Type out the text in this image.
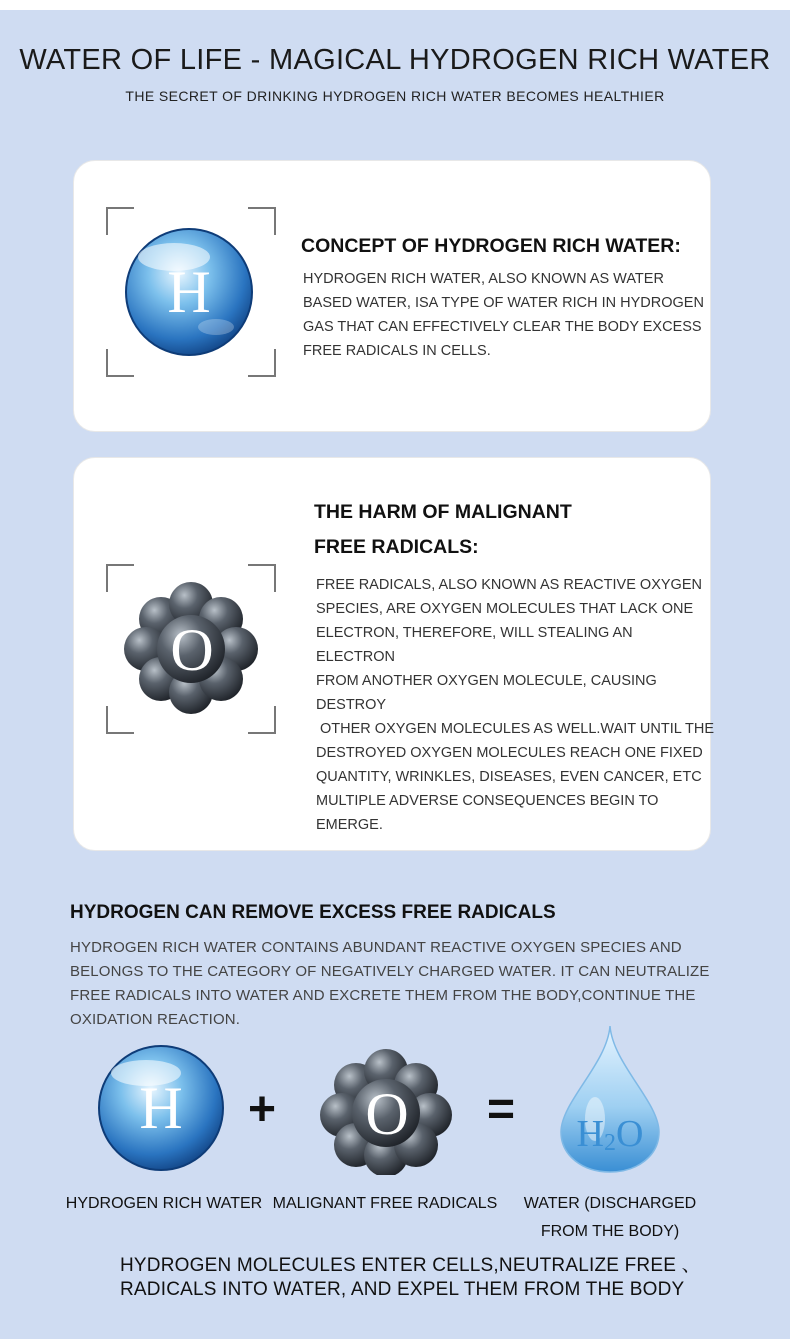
WATER OF LIFE - MAGICAL HYDROGEN RICH WATER
THE SECRET OF DRINKING HYDROGEN RICH WATER BECOMES HEALTHIER
H
CONCEPT OF HYDROGEN RICH WATER:
HYDROGEN RICH WATER, ALSO KNOWN AS WATER
BASED WATER, ISA TYPE OF WATER RICH IN HYDROGEN
GAS THAT CAN EFFECTIVELY CLEAR THE BODY EXCESS
FREE RADICALS IN CELLS.
O
THE HARM OF MALIGNANT
FREE RADICALS:
FREE RADICALS, ALSO KNOWN AS REACTIVE OXYGEN
SPECIES, ARE OXYGEN MOLECULES THAT LACK ONE
ELECTRON, THEREFORE, WILL STEALING AN ELECTRON
FROM ANOTHER OXYGEN MOLECULE, CAUSING DESTROY
OTHER OXYGEN MOLECULES AS WELL.WAIT UNTIL THE
DESTROYED OXYGEN MOLECULES REACH ONE FIXED
QUANTITY, WRINKLES, DISEASES, EVEN CANCER, ETC
MULTIPLE ADVERSE CONSEQUENCES BEGIN TO EMERGE.
HYDROGEN CAN REMOVE EXCESS FREE RADICALS
HYDROGEN RICH WATER CONTAINS ABUNDANT REACTIVE OXYGEN SPECIES AND
BELONGS TO THE CATEGORY OF NEGATIVELY CHARGED WATER. IT CAN NEUTRALIZE
FREE RADICALS INTO WATER AND EXCRETE THEM FROM THE BODY,CONTINUE THE
OXIDATION REACTION.
H + O = H2O
HYDROGEN RICH WATER MALIGNANT FREE RADICALS	WATER (DISCHARGED
FROM THE BODY)
HYDROGEN MOLECULES ENTER CELLS,NEUTRALIZE FREE 、
RADICALS INTO WATER, AND EXPEL THEM FROM THE BODY
